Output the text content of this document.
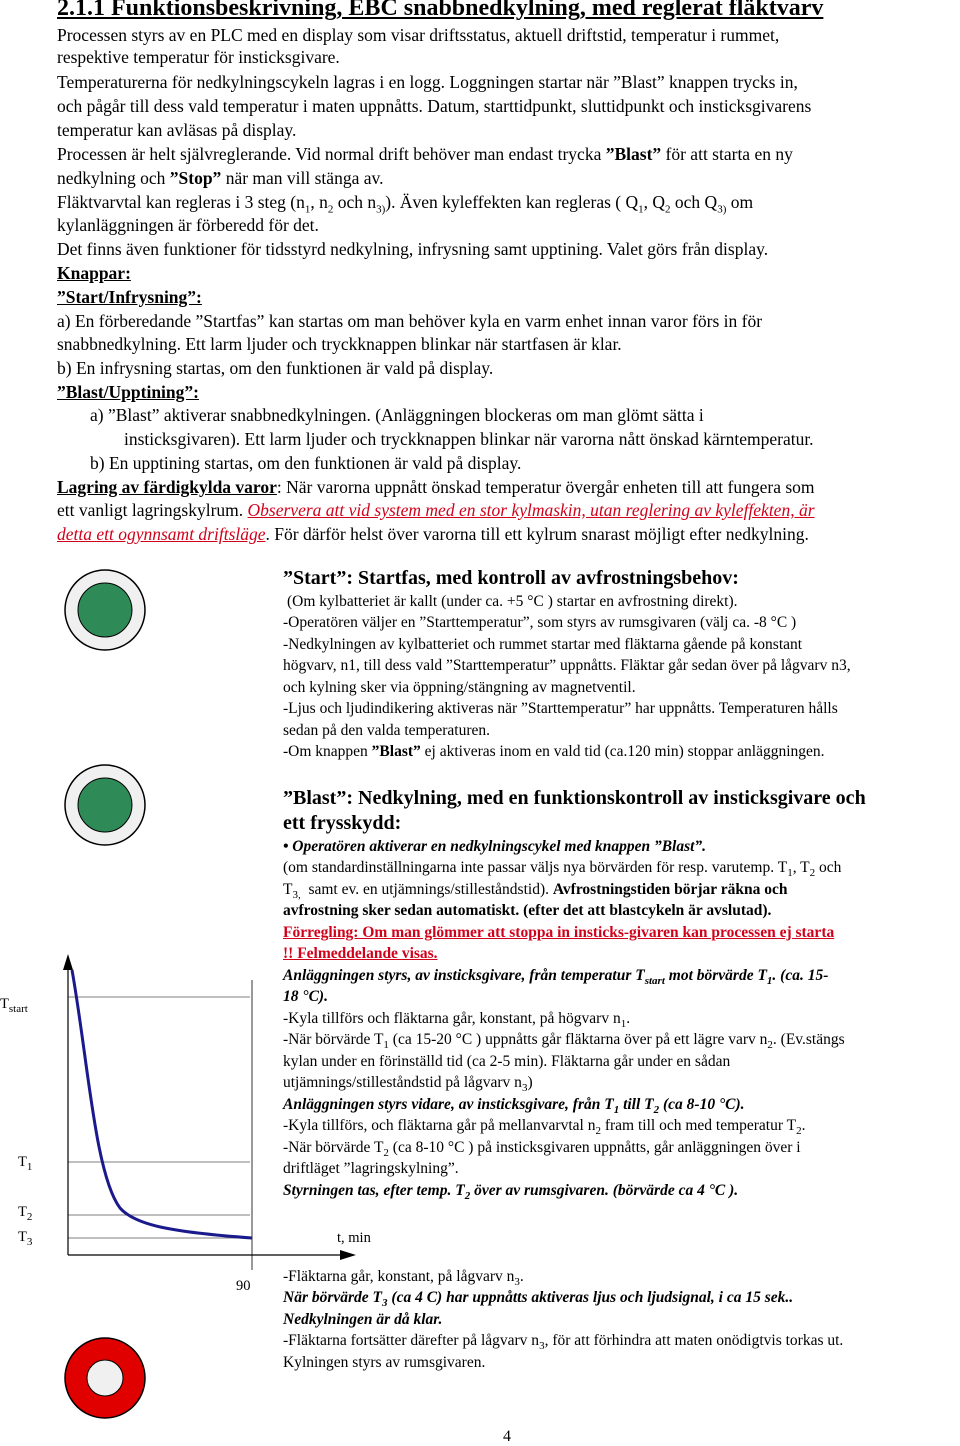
2.1.1 Funktionsbeskrivning, EBC snabbnedkylning, med reglerat fläktvarv
Processen styrs av en PLC med en display som visar driftsstatus, aktuell driftstid, temperatur i rummet,
respektive temperatur för insticksgivare.
Temperaturerna för nedkylningscykeln lagras i en logg. Loggningen startar när ”Blast” knappen trycks in,
och pågår till dess vald temperatur i maten uppnåtts. Datum, starttidpunkt, sluttidpunkt och insticksgivarens
temperatur kan avläsas på display.
Processen är helt självreglerande. Vid normal drift behöver man endast trycka ”Blast” för att starta en ny
nedkylning och ”Stop” när man vill stänga av.
Fläktvarvtal kan regleras i 3 steg ($n_1$, $n_2$ och $n_{3)}$). Även kyleffekten kan regleras ( $Q_1$, $Q_2$ och $Q_{3)}$ om
kylanläggningen är förberedd för det.
Det finns även funktioner för tidsstyrd nedkylning, infrysning samt upptining. Valet görs från display.
Knappar:
”Start/Infrysning”:
a) En förberedande ”Startfas” kan startas om man behöver kyla en varm enhet innan varor förs in för
snabbnedkylning. Ett larm ljuder och tryckknappen blinkar när startfasen är klar.
b) En infrysning startas, om den funktionen är vald på display.
”Blast/Upptining”:
a) ”Blast” aktiverar snabbnedkylningen. (Anläggningen blockeras om man glömt sätta i
insticksgivaren). Ett larm ljuder och tryckknappen blinkar när varorna nått önskad kärntemperatur.
b) En upptining startas, om den funktionen är vald på display.
Lagring av färdigkylda varor: När varorna uppnått önskad temperatur övergår enheten till att fungera som
ett vanligt lagringskylrum. Observera att vid system med en stor kylmaskin, utan reglering av kyleffekten, är
detta ett ogynnsamt driftsläge. För därför helst över varorna till ett kylrum snarast möjligt efter nedkylning.
”Start”: Startfas, med kontroll av avfrostningsbehov:
(Om kylbatteriet är kallt (under ca. +5 °C ) startar en avfrostning direkt).
-Operatören väljer en ”Starttemperatur”, som styrs av rumsgivaren (välj ca. -8 °C )
-Nedkylningen av kylbatteriet och rummet startar med fläktarna gående på konstant
högvarv, n1, till dess vald ”Starttemperatur” uppnåtts. Fläktar går sedan över på lågvarv n3,
och kylning sker via öppning/stängning av magnetventil.
-Ljus och ljudindikering aktiveras när ”Starttemperatur” har uppnåtts. Temperaturen hålls
sedan på den valda temperaturen.
-Om knappen ”Blast” ej aktiveras inom en vald tid (ca.120 min) stoppar anläggningen.
”Blast”: Nedkylning, med en funktionskontroll av insticksgivare och
ett frysskydd:
• Operatören aktiverar en nedkylningscykel med knappen ”Blast”.
(om standardinställningarna inte passar väljs nya börvärden för resp. varutemp. $T_1$, $T_2$ och
$T_{3,}$ samt ev. en utjämnings/stilleståndstid). Avfrostningstiden börjar räkna och
avfrostning sker sedan automatiskt. (efter det att blastcykeln är avslutad).
Förregling: Om man glömmer att stoppa in insticks-givaren kan processen ej starta
!! Felmeddelande visas.
Anläggningen styrs, av insticksgivare, från temperatur $T_{start}$ mot börvärde $T_1$. (ca. 15-
18 °C).
-Kyla tillförs och fläktarna går, konstant, på högvarv $n_1$.
-När börvärde $T_1$ (ca 15-20 °C ) uppnåtts går fläktarna över på ett lägre varv $n_2$. (Ev.stängs
kylan under en förinställd tid (ca 2-5 min). Fläktarna går under en sådan
utjämnings/stilleståndstid på lågvarv $n_3$)
Anläggningen styrs vidare, av insticksgivare, från $T_1$ till $T_2$ (ca 8-10 °C).
-Kyla tillförs, och fläktarna går på mellanvarvtal $n_2$ fram till och med temperatur $T_2$.
-När börvärde $T_2$ (ca 8-10 °C ) på insticksgivaren uppnåtts, går anläggningen över i
driftläget ”lagringskylning”.
Styrningen tas, efter temp. $T_2$ över av rumsgivaren. (börvärde ca 4 °C ).
$T_{start}$
$T_1$
$T_2$
$T_3$	t, min
90
-Fläktarna går, konstant, på lågvarv $n_3$.
När börvärde $T_3$ (ca 4 C) har uppnåtts aktiveras ljus och ljudsignal, i ca 15 sek..
Nedkylningen är då klar.
-Fläktarna fortsätter därefter på lågvarv $n_3$, för att förhindra att maten onödigtvis torkas ut.
Kylningen styrs av rumsgivaren.
4
